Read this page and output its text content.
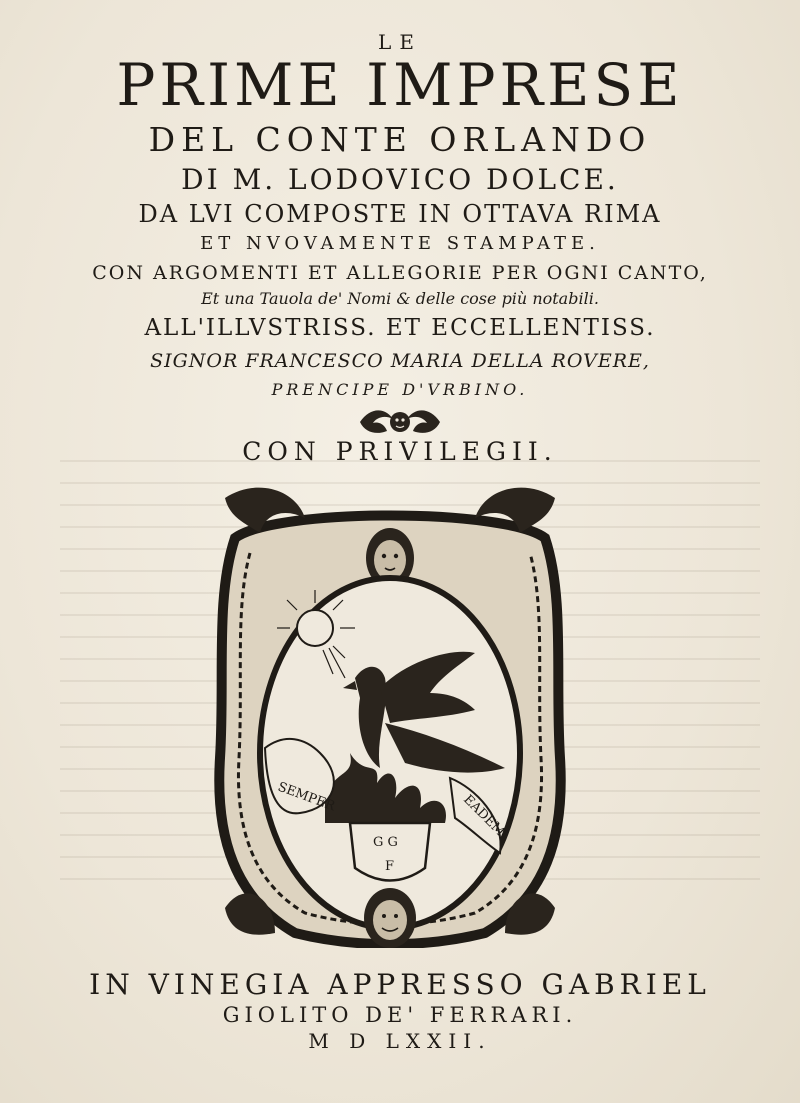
LE
PRIME IMPRESE
DEL CONTE ORLANDO
DI M. LODOVICO DOLCE.
DA LVI COMPOSTE IN OTTAVA RIMA
ET NVOVAMENTE STAMPATE.
CON ARGOMENTI ET ALLEGORIE PER OGNI CANTO,
Et una Tauola de' Nomi & delle cose più notabili.
ALL'ILLVSTRISS. ET ECCELLENTISS.
SIGNOR FRANCESCO MARIA DELLA ROVERE,
PRENCIPE D'VRBINO.
CON PRIVILEGII.
SEMPER	EADEM
G G
F
IN VINEGIA APPRESSO GABRIEL
GIOLITO DE' FERRARI.
M D LXXII.
